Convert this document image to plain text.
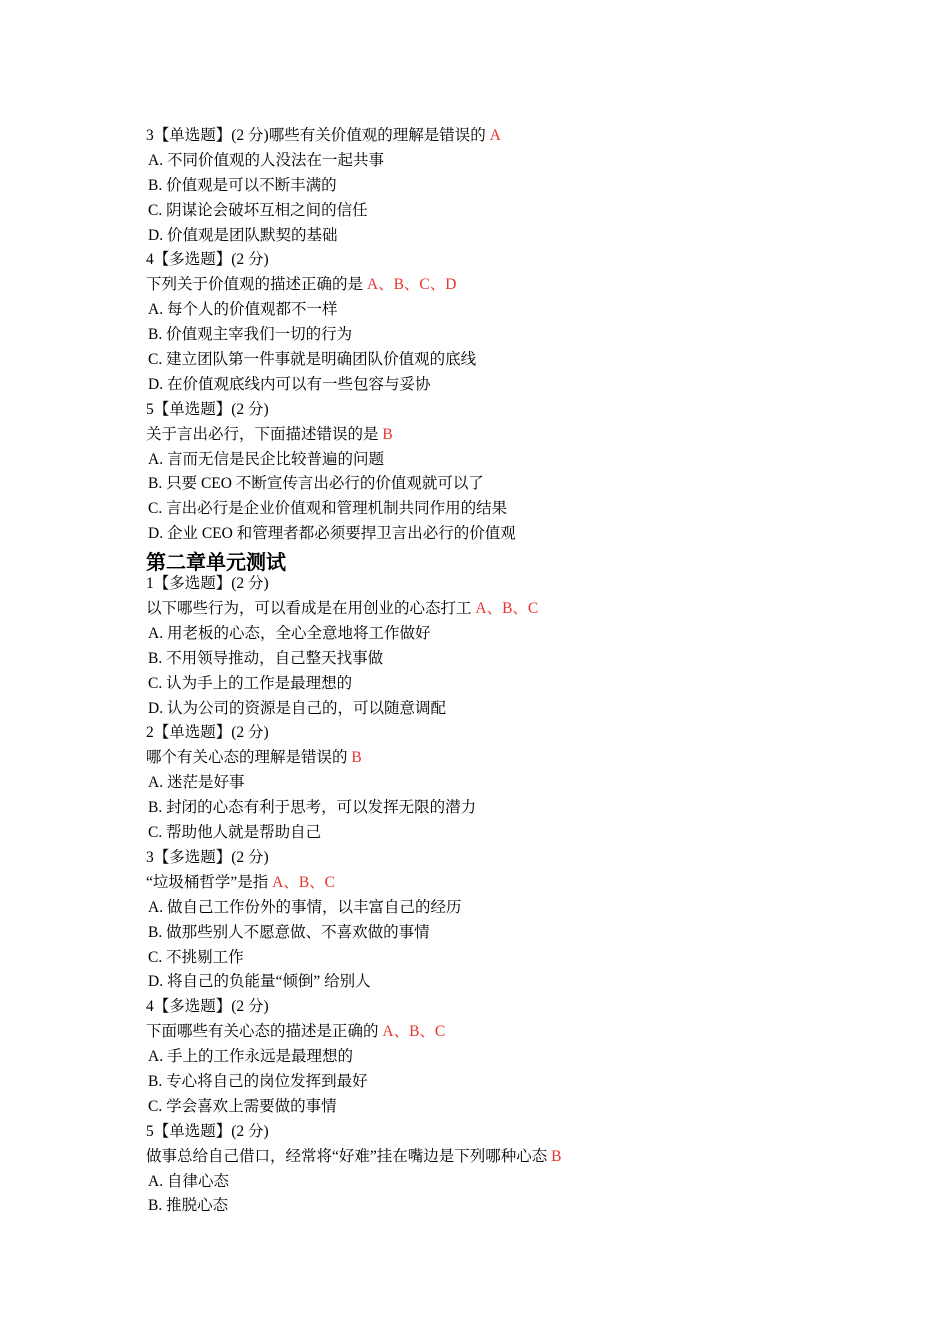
3【单选题】(2 分)哪些有关价值观的理解是错误的 A
A. 不同价值观的人没法在一起共事
B. 价值观是可以不断丰满的
C. 阴谋论会破坏互相之间的信任
D. 价值观是团队默契的基础
4【多选题】(2 分)
下列关于价值观的描述正确的是 A、B、C、D
A. 每个人的价值观都不一样
B. 价值观主宰我们一切的行为
C. 建立团队第一件事就是明确团队价值观的底线
D. 在价值观底线内可以有一些包容与妥协
5【单选题】(2 分)
关于言出必行，下面描述错误的是 B
A. 言而无信是民企比较普遍的问题
B. 只要 CEO 不断宣传言出必行的价值观就可以了
C. 言出必行是企业价值观和管理机制共同作用的结果
D. 企业 CEO 和管理者都必须要捍卫言出必行的价值观
第二章单元测试
1【多选题】(2 分)
以下哪些行为，可以看成是在用创业的心态打工 A、B、C
A. 用老板的心态，全心全意地将工作做好
B. 不用领导推动，自己整天找事做
C. 认为手上的工作是最理想的
D. 认为公司的资源是自己的，可以随意调配
2【单选题】(2 分)
哪个有关心态的理解是错误的 B
A. 迷茫是好事
B. 封闭的心态有利于思考，可以发挥无限的潜力
C. 帮助他人就是帮助自己
3【多选题】(2 分)
“垃圾桶哲学”是指 A、B、C
A. 做自己工作份外的事情，以丰富自己的经历
B. 做那些别人不愿意做、不喜欢做的事情
C. 不挑剔工作
D. 将自己的负能量“倾倒” 给别人
4【多选题】(2 分)
下面哪些有关心态的描述是正确的 A、B、C
A. 手上的工作永远是最理想的
B. 专心将自己的岗位发挥到最好
C. 学会喜欢上需要做的事情
5【单选题】(2 分)
做事总给自己借口，经常将“好难”挂在嘴边是下列哪种心态 B
A. 自律心态
B. 推脱心态
